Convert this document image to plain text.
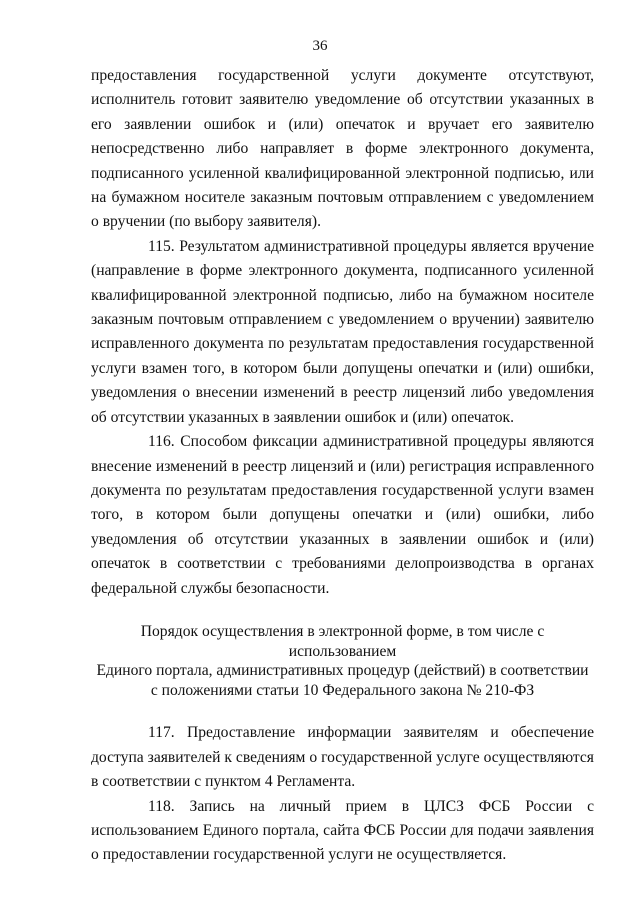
36

предоставления государственной услуги документе отсутствуют, исполнитель готовит заявителю уведомление об отсутствии указанных в его заявлении ошибок и (или) опечаток и вручает его заявителю непосредственно либо направляет в форме электронного документа, подписанного усиленной квалифицированной электронной подписью, или на бумажном носителе заказным почтовым отправлением с уведомлением о вручении (по выбору заявителя).

115. Результатом административной процедуры является вручение (направление в форме электронного документа, подписанного усиленной квалифицированной электронной подписью, либо на бумажном носителе заказным почтовым отправлением с уведомлением о вручении) заявителю исправленного документа по результатам предоставления государственной услуги взамен того, в котором были допущены опечатки и (или) ошибки, уведомления о внесении изменений в реестр лицензий либо уведомления об отсутствии указанных в заявлении ошибок и (или) опечаток.

116. Способом фиксации административной процедуры являются внесение изменений в реестр лицензий и (или) регистрация исправленного документа по результатам предоставления государственной услуги взамен того, в котором были допущены опечатки и (или) ошибки, либо уведомления об отсутствии указанных в заявлении ошибок и (или) опечаток в соответствии с требованиями делопроизводства в органах федеральной службы безопасности.

Порядок осуществления в электронной форме, в том числе с использованием

Единого портала, административных процедур (действий) в соответствии

с положениями статьи 10 Федерального закона № 210-ФЗ

117. Предоставление информации заявителям и обеспечение доступа заявителей к сведениям о государственной услуге осуществляются в соответствии с пунктом 4 Регламента.

118. Запись на личный прием в ЦЛСЗ ФСБ России с использованием Единого портала, сайта ФСБ России для подачи заявления о предоставлении государственной услуги не осуществляется.
